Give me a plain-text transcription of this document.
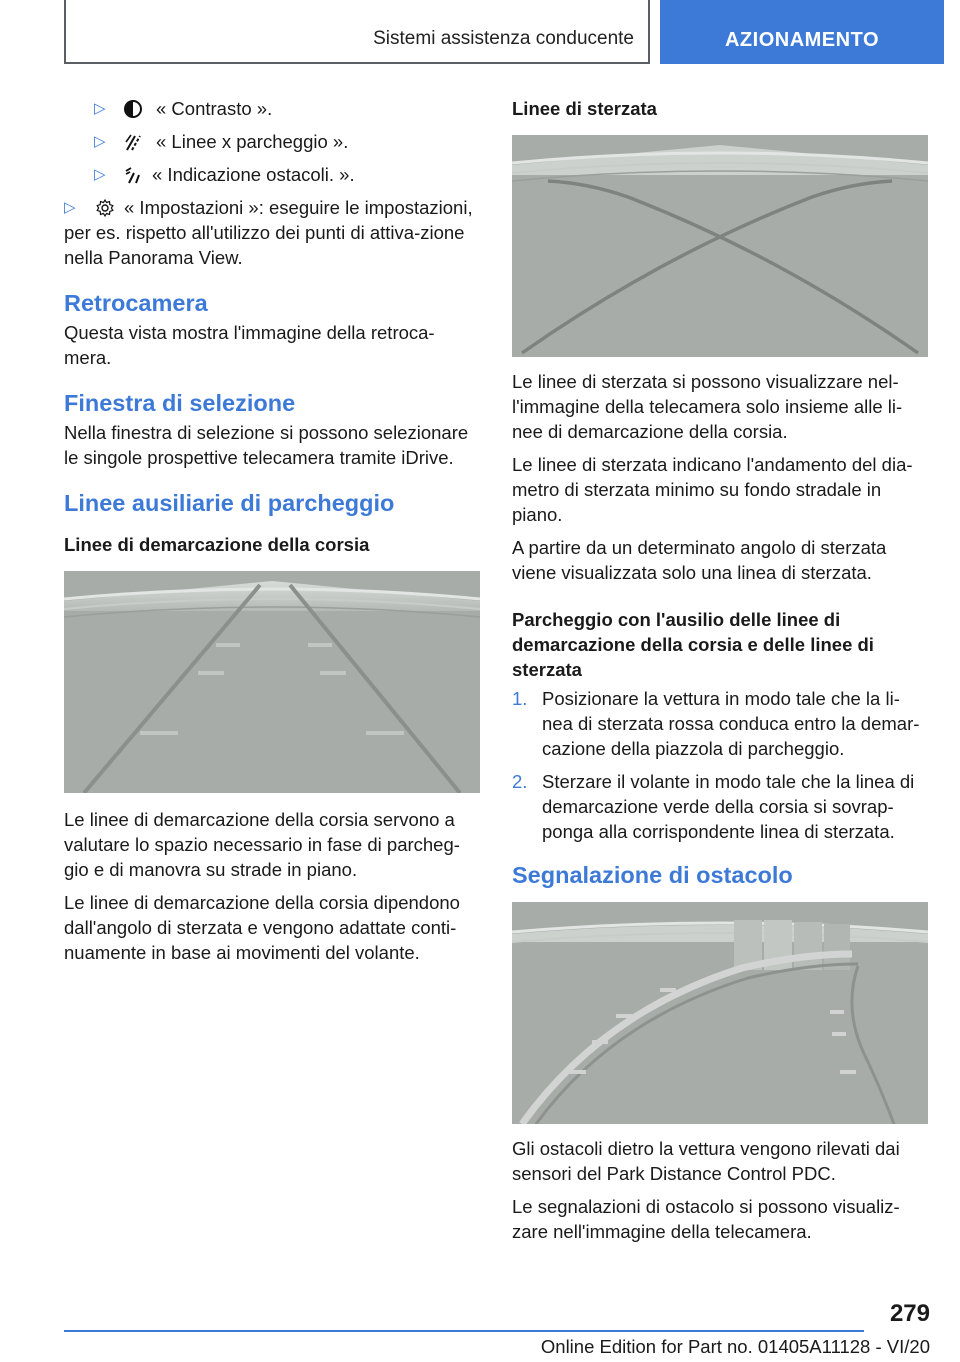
Sistemi assistenza conducente	AZIONAMENTO
▷	« Contrasto ».
▷	« Linee x parcheggio ».
▷	« Indicazione ostacoli. ».
▷	« Impostazioni »: eseguire le impostazioni,
per es. rispetto all'utilizzo dei punti di attiva-zione nella Panorama View.
Retrocamera

Questa vista mostra l'immagine della retroca-mera.

Finestra di selezione

Nella finestra di selezione si possono selezionare le singole prospettive telecamera tramite iDrive.

Linee ausiliarie di parcheggio
Linee di demarcazione della corsia

Le linee di demarcazione della corsia servono a valutare lo spazio necessario in fase di parcheg-gio e di manovra su strade in piano.

Le linee di demarcazione della corsia dipendono dall'angolo di sterzata e vengono adattate conti-nuamente in base ai movimenti del volante.

Linee di sterzata

Le linee di sterzata si possono visualizzare nel-l'immagine della telecamera solo insieme alle li-nee di demarcazione della corsia.

Le linee di sterzata indicano l'andamento del dia-metro di sterzata minimo su fondo stradale in piano.

A partire da un determinato angolo di sterzata viene visualizzata solo una linea di sterzata.

Parcheggio con l'ausilio delle linee di demarcazione della corsia e delle linee di sterzata
1. Posizionare la vettura in modo tale che la li-nea di sterzata rossa conduca entro la demar-cazione della piazzola di parcheggio.
2. Sterzare il volante in modo tale che la linea di demarcazione verde della corsia si sovrap-ponga alla corrispondente linea di sterzata.
Segnalazione di ostacolo

Gli ostacoli dietro la vettura vengono rilevati dai sensori del Park Distance Control PDC.

Le segnalazioni di ostacolo si possono visualiz-zare nell'immagine della telecamera.

279
Online Edition for Part no. 01405A11128 - VI/20
